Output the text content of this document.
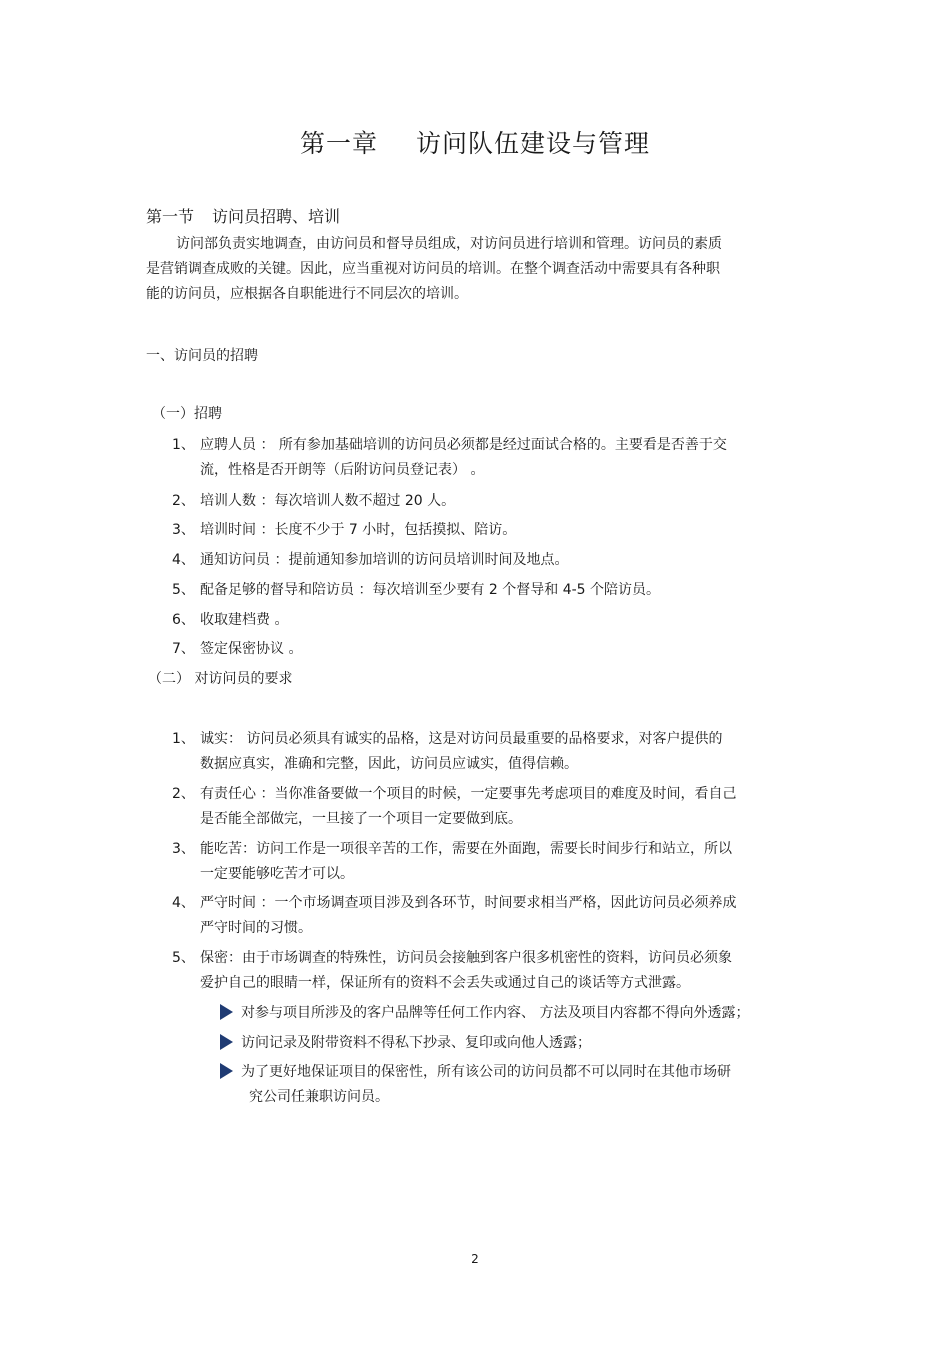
第一章 访问队伍建设与管理
第一节 访问员招聘、培训
访问部负责实地调查，由访问员和督导员组成，对访问员进行培训和管理。访问员的素质
是营销调查成败的关键。因此，应当重视对访问员的培训。在整个调查活动中需要具有各种职
能的访问员，应根据各自职能进行不同层次的培训。
一、访问员的招聘
（一）招聘
1、 应聘人员 ： 所有参加基础培训的访问员必须都是经过面试合格的。主要看是否善于交
流，性格是否开朗等（后附访问员登记表） 。
2、 培训人数 ：每次培训人数不超过 20 人。
3、 培训时间 ：长度不少于 7 小时，包括摸拟、陪访。
4、 通知访问员 ：提前通知参加培训的访问员培训时间及地点。
5、 配备足够的督导和陪访员 ：每次培训至少要有 2 个督导和 4-5 个陪访员。
6、 收取建档费 。
7、 签定保密协议 。
（二） 对访问员的要求
1、 诚实： 访问员必须具有诚实的品格，这是对访问员最重要的品格要求，对客户提供的
数据应真实，准确和完整，因此，访问员应诚实，值得信赖。
2、 有责任心 ：当你准备要做一个项目的时候，一定要事先考虑项目的难度及时间，看自己
是否能全部做完，一旦接了一个项目一定要做到底。
3、 能吃苦：访问工作是一项很辛苦的工作，需要在外面跑，需要长时间步行和站立，所以
一定要能够吃苦才可以。
4、 严守时间 ：一个市场调查项目涉及到各环节，时间要求相当严格，因此访问员必须养成
严守时间的习惯。
5、 保密：由于市场调查的特殊性，访问员会接触到客户很多机密性的资料，访问员必须象
爱护自己的眼睛一样，保证所有的资料不会丢失或通过自己的谈话等方式泄露。
对参与项目所涉及的客户品牌等任何工作内容、 方法及项目内容都不得向外透露；
访问记录及附带资料不得私下抄录、复印或向他人透露；
为了更好地保证项目的保密性，所有该公司的访问员都不可以同时在其他市场研
究公司任兼职访问员。
2
